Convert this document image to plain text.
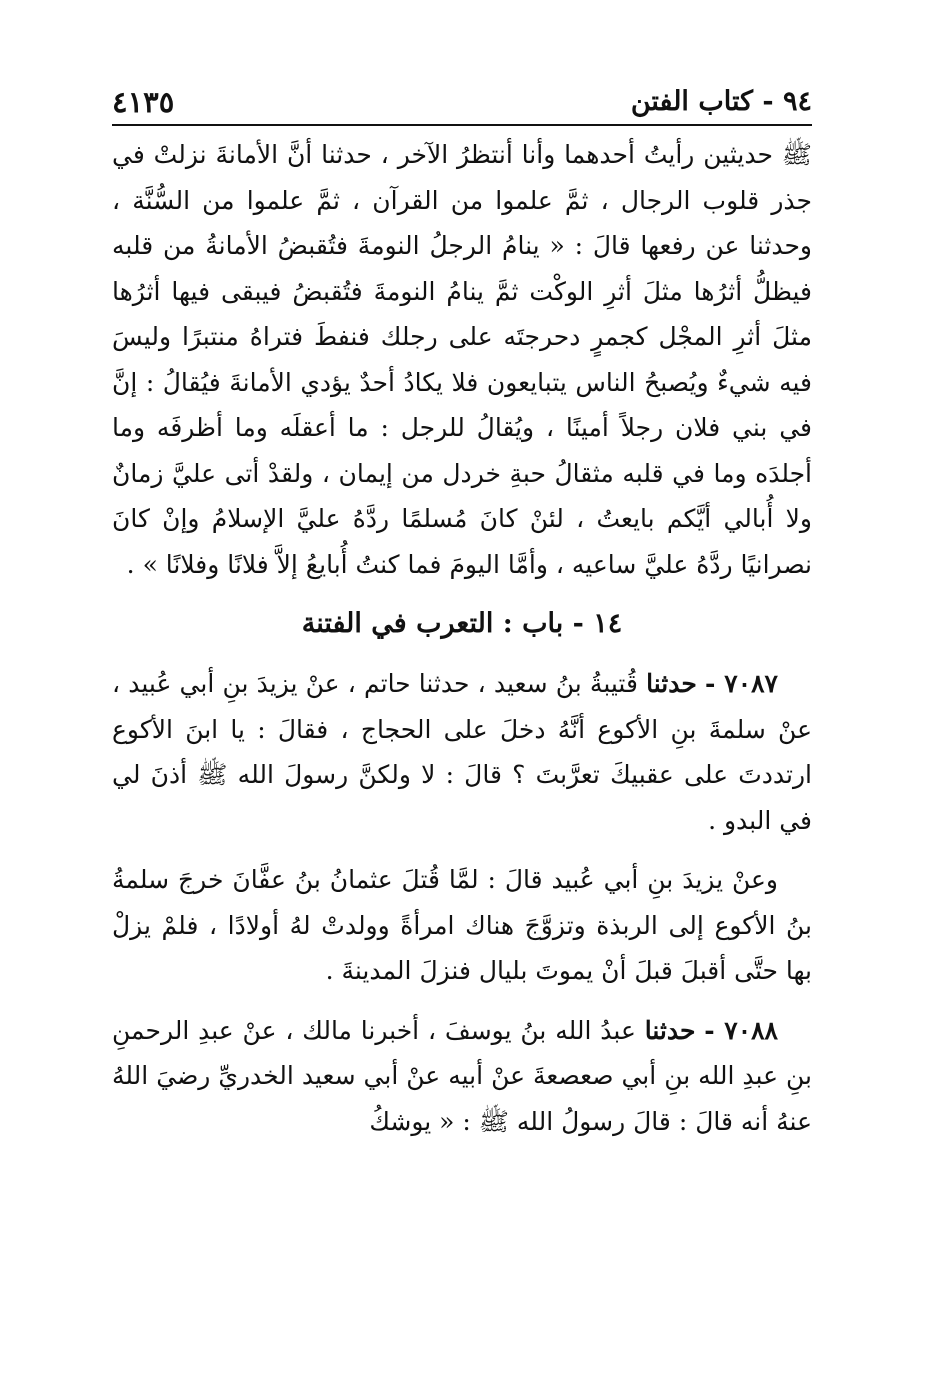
٩٤ - كتاب الفتن
٤١٣٥

ﷺ حديثين رأيتُ أحدهما وأنا أنتظرُ الآخر ، حدثنا أنَّ الأمانةَ نزلتْ في جذر قلوب الرجال ، ثمَّ علموا من القرآن ، ثمَّ علموا من السُّنَّة ، وحدثنا عن رفعها قالَ : « ينامُ الرجلُ النومةَ فتُقبضُ الأمانةُ من قلبه فيظلُّ أثرُها مثلَ أثرِ الوكْت ثمَّ ينامُ النومةَ فتُقبضُ فيبقى فيها أثرُها مثلَ أثرِ المجْل كجمرٍ دحرجتَه على رجلك فنفطَ فتراهُ منتبرًا وليسَ فيه شيءٌ ويُصبحُ الناس يتبايعون فلا يكادُ أحدٌ يؤدي الأمانةَ فيُقالُ : إنَّ في بني فلان رجلاً أمينًا ، ويُقالُ للرجل : ما أعقلَه وما أظرفَه وما أجلدَه وما في قلبه مثقالُ حبةِ خردل من إيمان ، ولقدْ أتى عليَّ زمانٌ ولا أُبالي أيَّكم بايعتُ ، لئنْ كانَ مُسلمًا ردَّهُ عليَّ الإسلامُ وإنْ كانَ نصرانيًا ردَّهُ عليَّ ساعيه ، وأمَّا اليومَ فما كنتُ أُبايعُ إلاَّ فلانًا وفلانًا » .

١٤ - باب : التعرب في الفتنة

٧٠٨٧ - حدثنا قُتيبةُ بنُ سعيد ، حدثنا حاتم ، عنْ يزيدَ بنِ أبي عُبيد ، عنْ سلمةَ بنِ الأكوع أنَّهُ دخلَ على الحجاج ، فقالَ : يا ابنَ الأكوع ارتددتَ على عقبيكَ تعرَّبتَ ؟ قالَ : لا ولكنَّ رسولَ الله ﷺ أذنَ لي في البدو .

وعنْ يزيدَ بنِ أبي عُبيد قالَ : لمَّا قُتلَ عثمانُ بنُ عفَّانَ خرجَ سلمةُ بنُ الأكوع إلى الربذة وتزوَّجَ هناك امرأةً وولدتْ لهُ أولادًا ، فلمْ يزلْ بها حتَّى أقبلَ قبلَ أنْ يموتَ بليال فنزلَ المدينةَ .

٧٠٨٨ - حدثنا عبدُ الله بنُ يوسفَ ، أخبرنا مالك ، عنْ عبدِ الرحمنِ بنِ عبدِ الله بنِ أبي صعصعةَ عنْ أبيه عنْ أبي سعيد الخدريِّ رضيَ اللهُ عنهُ أنه قالَ : قالَ رسولُ الله ﷺ : « يوشكُ
